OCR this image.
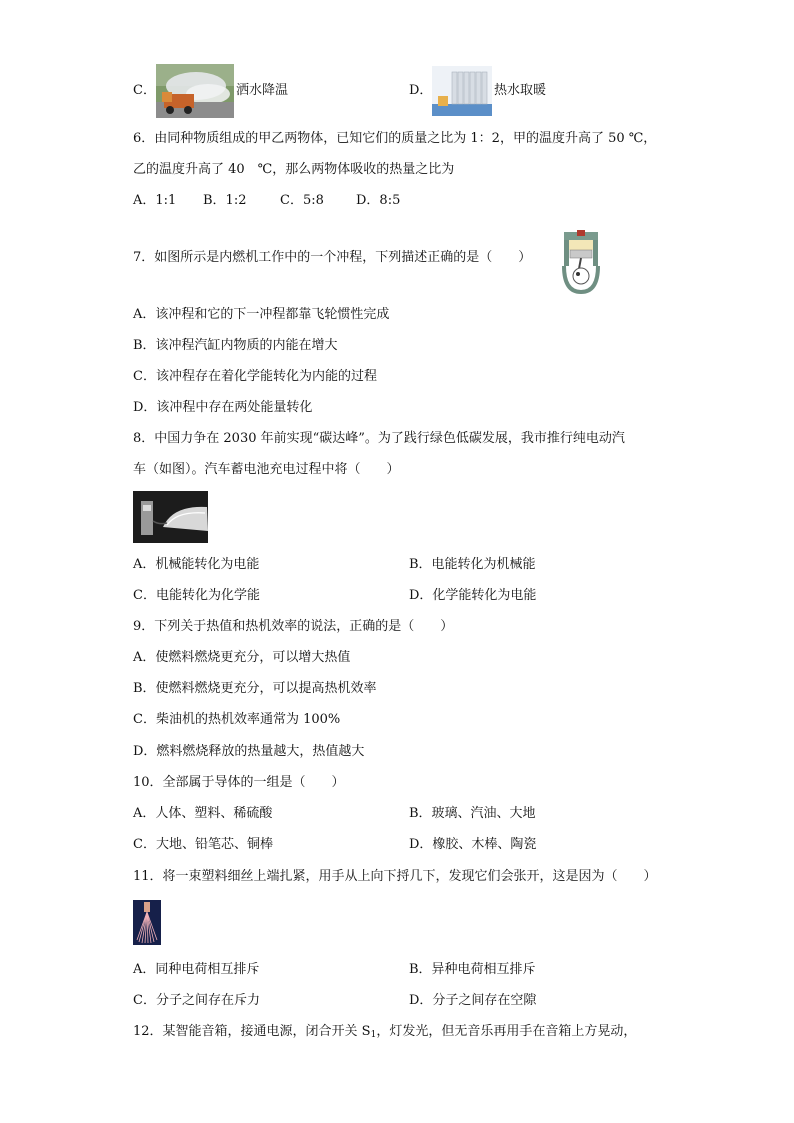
C．	洒水降温	D．	热水取暖
6．由同种物质组成的甲乙两物体，已知它们的质量之比为 1：2，甲的温度升高了 50 ℃，
乙的温度升高了 40　℃，那么两物体吸收的热量之比为
A．1:1 B．1:2	C．5:8 D．8:5
7．如图所示是内燃机工作中的一个冲程，下列描述正确的是（　　）
A．该冲程和它的下一冲程都靠飞轮惯性完成
B．该冲程汽缸内物质的内能在增大
C．该冲程存在着化学能转化为内能的过程
D．该冲程中存在两处能量转化
8．中国力争在 2030 年前实现“碳达峰”。为了践行绿色低碳发展，我市推行纯电动汽
车（如图）。汽车蓄电池充电过程中将（　　）
A．机械能转化为电能	B．电能转化为机械能
C．电能转化为化学能	D．化学能转化为电能
9．下列关于热值和热机效率的说法，正确的是（　　）
A．使燃料燃烧更充分，可以增大热值
B．使燃料燃烧更充分，可以提高热机效率
C．柴油机的热机效率通常为 100%
D．燃料燃烧释放的热量越大，热值越大
10．全部属于导体的一组是（　　）
A．人体、塑料、稀硫酸	B．玻璃、汽油、大地
C．大地、铅笔芯、铜棒	D．橡胶、木棒、陶瓷
11．将一束塑料细丝上端扎紧，用手从上向下捋几下，发现它们会张开，这是因为（　　）
A．同种电荷相互排斥	B．异种电荷相互排斥
C．分子之间存在斥力	D．分子之间存在空隙
12．某智能音箱，接通电源，闭合开关 $S_1$，灯发光，但无音乐再用手在音箱上方晃动，
